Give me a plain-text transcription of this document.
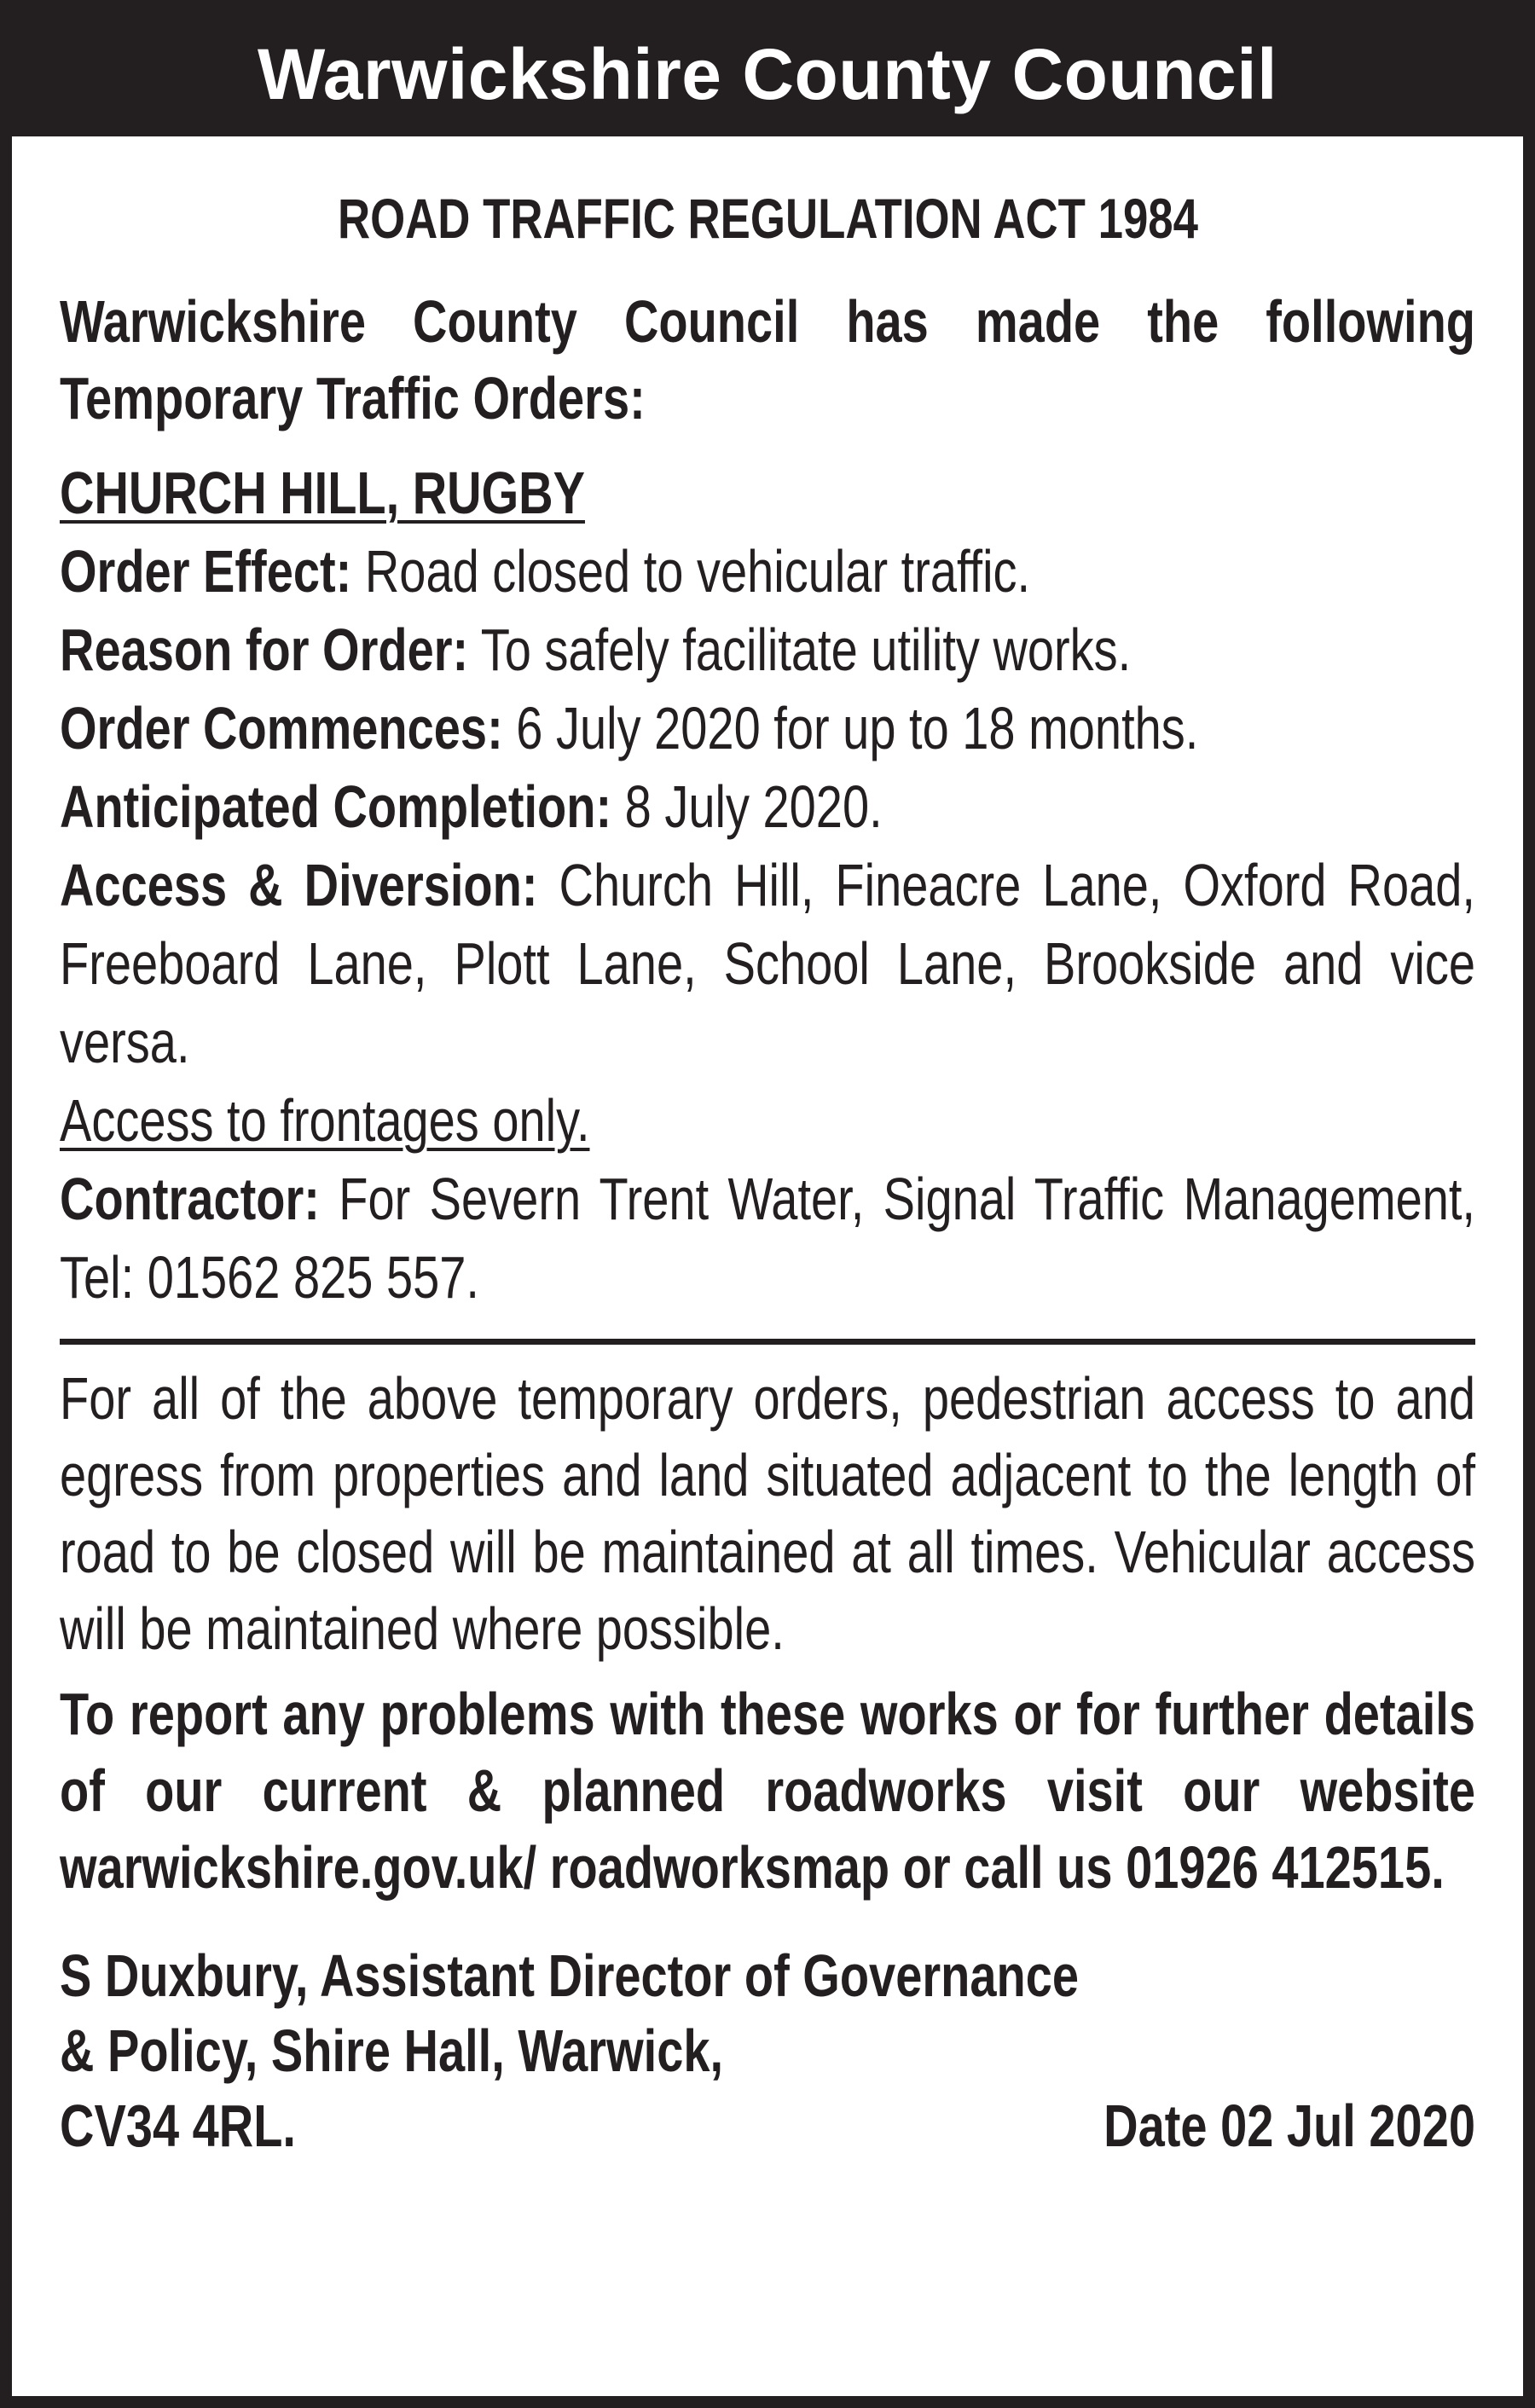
Warwickshire County Council
ROAD TRAFFIC REGULATION ACT 1984
Warwickshire County Council has made the following Temporary Traffic Orders:
CHURCH HILL, RUGBY
Order Effect: Road closed to vehicular traffic.
Reason for Order: To safely facilitate utility works.
Order Commences: 6 July 2020 for up to 18 months.
Anticipated Completion: 8 July 2020.
Access & Diversion: Church Hill, Fineacre Lane, Oxford Road, Freeboard Lane, Plott Lane, School Lane, Brookside and vice versa.
Access to frontages only.
Contractor: For Severn Trent Water, Signal Traffic Management, Tel: 01562 825 557.
For all of the above temporary orders, pedestrian access to and egress from properties and land situated adjacent to the length of road to be closed will be maintained at all times. Vehicular access will be maintained where possible.
To report any problems with these works or for further details of our current & planned roadworks visit our website warwickshire.gov.uk/ roadworksmap or call us 01926 412515.
S Duxbury, Assistant Director of Governance
& Policy, Shire Hall, Warwick,
CV34 4RL.	Date 02 Jul 2020
